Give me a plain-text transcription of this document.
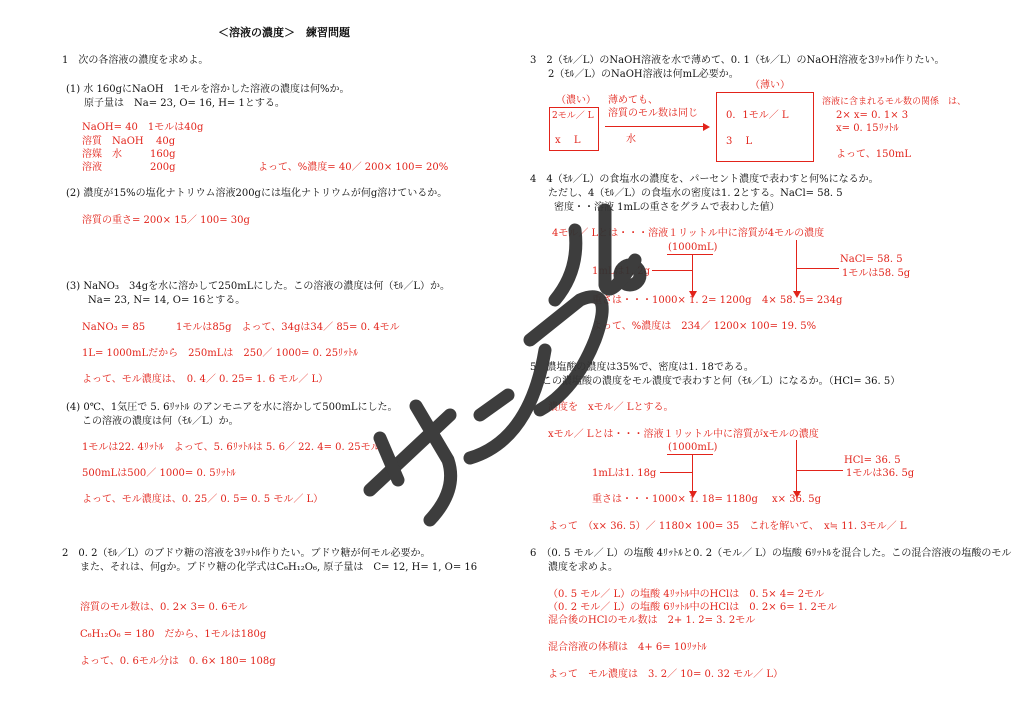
＜溶液の濃度＞　練習問題
1　次の各溶液の濃度を求めよ。
(1) 水 160gにNaOH　1モルを溶かした溶液の濃度は何%か。
原子量は　Na= 23, O= 16, H= 1とする。
NaOH= 40　1モルは40g
溶質 NaOH 40g
溶媒 水	160g
溶液	200g	よって、%濃度= 40／ 200× 100= 20%
(2) 濃度が15%の塩化ナトリウム溶液200gには塩化ナトリウムが何g溶けているか。
溶質の重さ= 200× 15／ 100= 30g
(3) NaNO₃　34gを水に溶かして250mLにした。この溶液の濃度は何（ﾓﾙ／L）か。
Na= 23, N= 14, O= 16とする。
NaNO₃ = 85	1モルは85g　よって、34gは34／ 85= 0. 4モル
1L= 1000mLだから　250mLは　250／ 1000= 0. 25ﾘｯﾄﾙ
よって、モル濃度は、　0. 4／ 0. 25= 1. 6 モル／ L）
(4) 0℃、1気圧で 5. 6ﾘｯﾄﾙ のアンモニアを水に溶かして500mLにした。
この溶液の濃度は何（ﾓﾙ／L）か。
1モルは22. 4ﾘｯﾄﾙ　よって、5. 6ﾘｯﾄﾙは 5. 6／ 22. 4= 0. 25モル
500mLは500／ 1000= 0. 5ﾘｯﾄﾙ
よって、モル濃度は、0. 25／ 0. 5= 0. 5 モル／ L）
2　0. 2（ﾓﾙ／L）のブドウ糖の溶液を3ﾘｯﾄﾙ作りたい。ブドウ糖が何モル必要か。
また、それは、何gか。ブドウ糖の化学式はC₆H₁₂O₆, 原子量は　C= 12, H= 1, O= 16
溶質のモル数は、0. 2× 3= 0. 6モル
C₆H₁₂O₆ = 180　だから、1モルは180g
よって、0. 6モル分は　0. 6× 180= 108g
3　2（ﾓﾙ／L）のNaOH溶液を水で薄めて、0. 1（ﾓﾙ／L）のNaOH溶液を3ﾘｯﾄﾙ作りたい。
2（ﾓﾙ／L）のNaOH溶液は何mL必要か。
（薄い）
（濃い）
2モル／ L
x　 L
薄めても、
溶質のモル数は同じ
水
0．1モル／ L
3　 L
溶液に含まれるモル数の関係　は、
2× x= 0. 1× 3
x= 0. 15ﾘｯﾄﾙ
よって、150mL
4　4（ﾓﾙ／L）の食塩水の濃度を、パーセント濃度で表わすと何%になるか。
ただし、4（ﾓﾙ／L）の食塩水の密度は1. 2とする。NaCl= 58. 5
密度・・溶液 1mLの重さをグラムで表わした値）
4モル／ Lとは・・・溶液１リットル中に溶質が4モルの濃度
(1000mL)
1mLは1. 2g
NaCl= 58. 5
1モルは58. 5g
重さは・・・1000× 1. 2= 1200g 4× 58. 5= 234g
よって、%濃度は　234／ 1200× 100= 19. 5%
5　濃塩酸の濃度は35%で、密度は1. 18である。
この濃塩酸の濃度をモル濃度で表わすと何（ﾓﾙ／L）になるか。（HCl= 36. 5）
濃度を　xモル／ Lとする。
xモル／ Lとは・・・溶液１リットル中に溶質がxモルの濃度
(1000mL)
1mLは1. 18g
HCl= 36. 5
1モルは36. 5g
重さは・・・1000× 1. 18= 1180g x× 36. 5g
よって　（x× 36. 5）／ 1180× 100= 35　これを解いて、　x≒ 11. 3モル／ L
6　（0. 5 モル／ L）の塩酸 4ﾘｯﾄﾙと0. 2（モル／ L）の塩酸 6ﾘｯﾄﾙを混合した。この混合溶液の塩酸のモル
濃度を求めよ。
（0. 5 モル／ L）の塩酸 4ﾘｯﾄﾙ中のHClは　0. 5× 4= 2モル
（0. 2 モル／ L）の塩酸 6ﾘｯﾄﾙ中のHClは　0. 2× 6= 1. 2モル
混合後のHClのモル数は　2+ 1. 2= 3. 2モル
混合溶液の体積は　4+ 6= 10ﾘｯﾄﾙ
よって　モル濃度は　3. 2／ 10= 0. 32 モル／ L）
